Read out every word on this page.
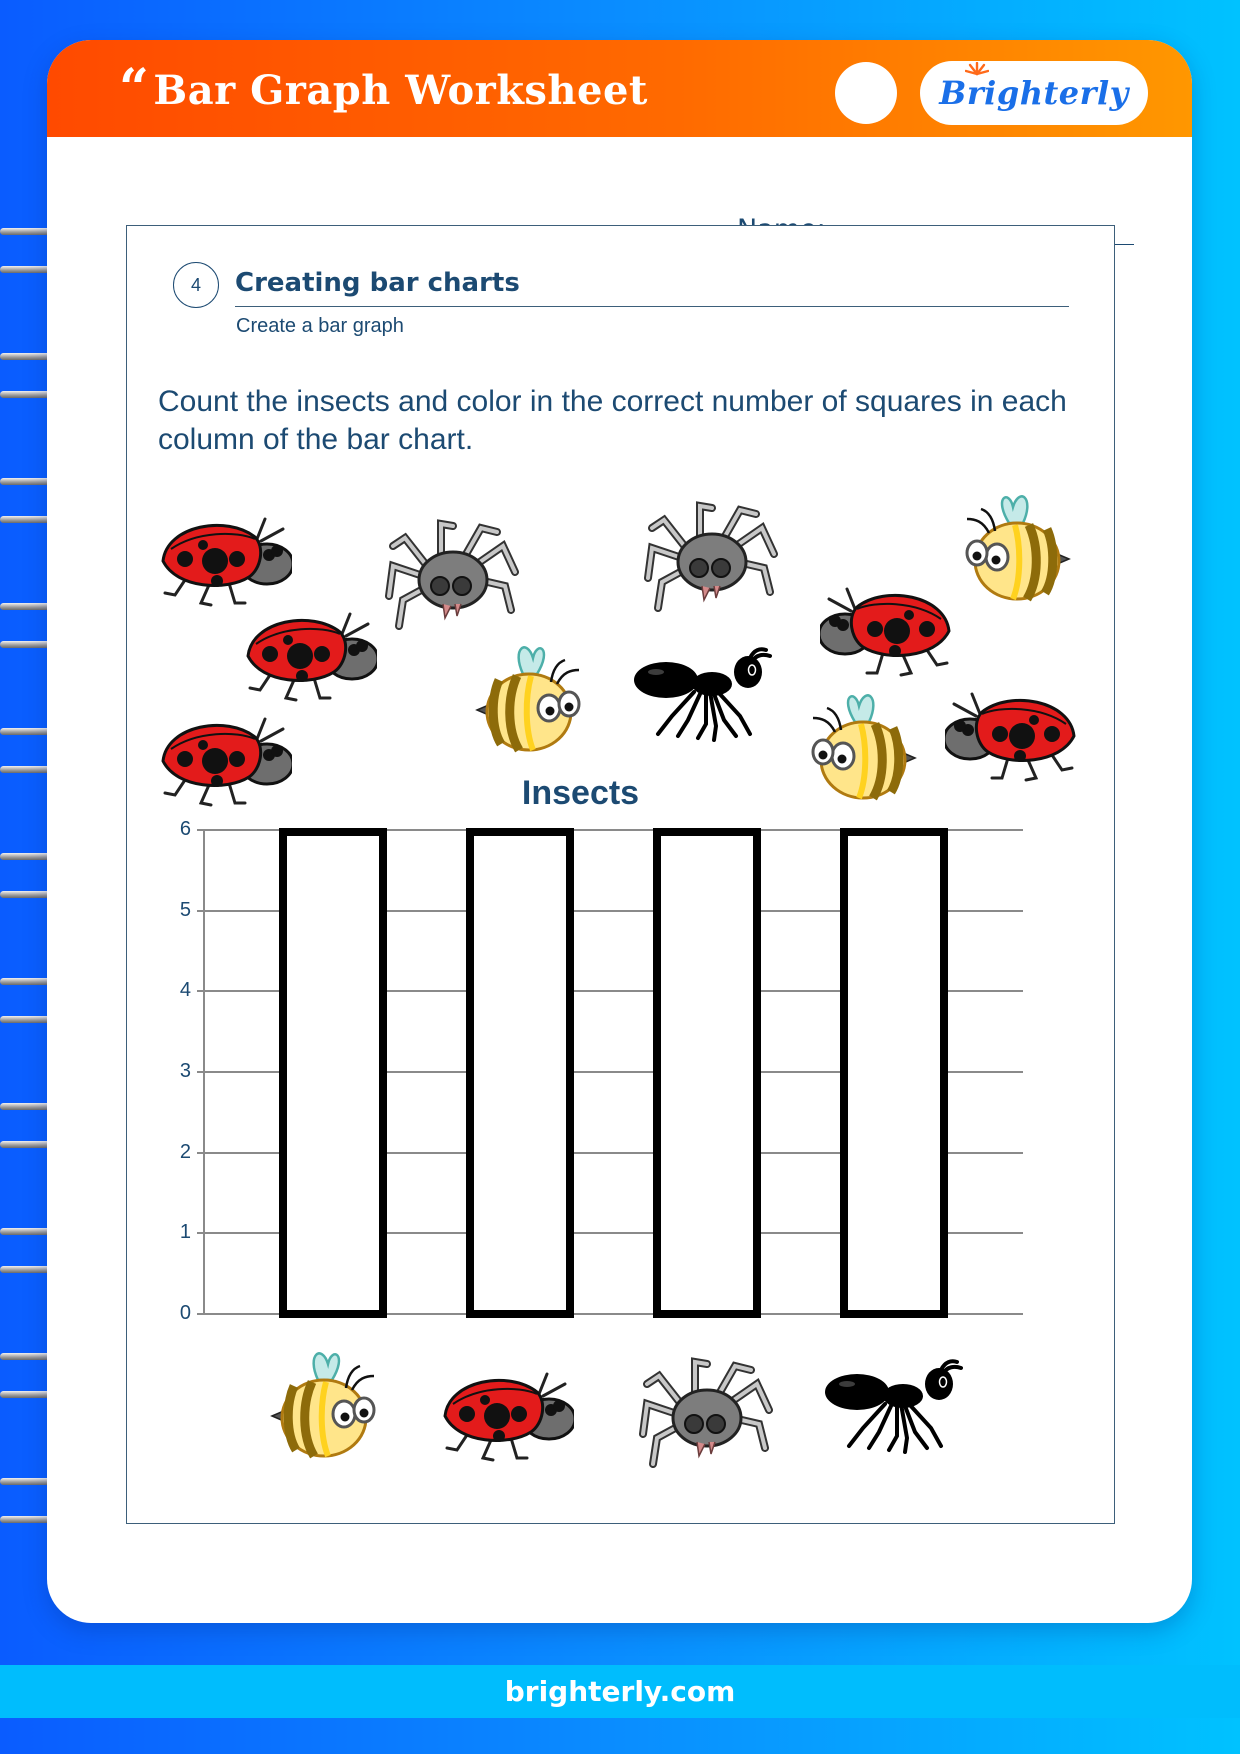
“ Bar Graph Worksheet	Brighterly
4	Creating bar charts
Create a bar graph
Count the insects and color in the correct number of squares in each column of the bar chart.
Insects
0
1
2
3
4
5
6
brighterly.com
